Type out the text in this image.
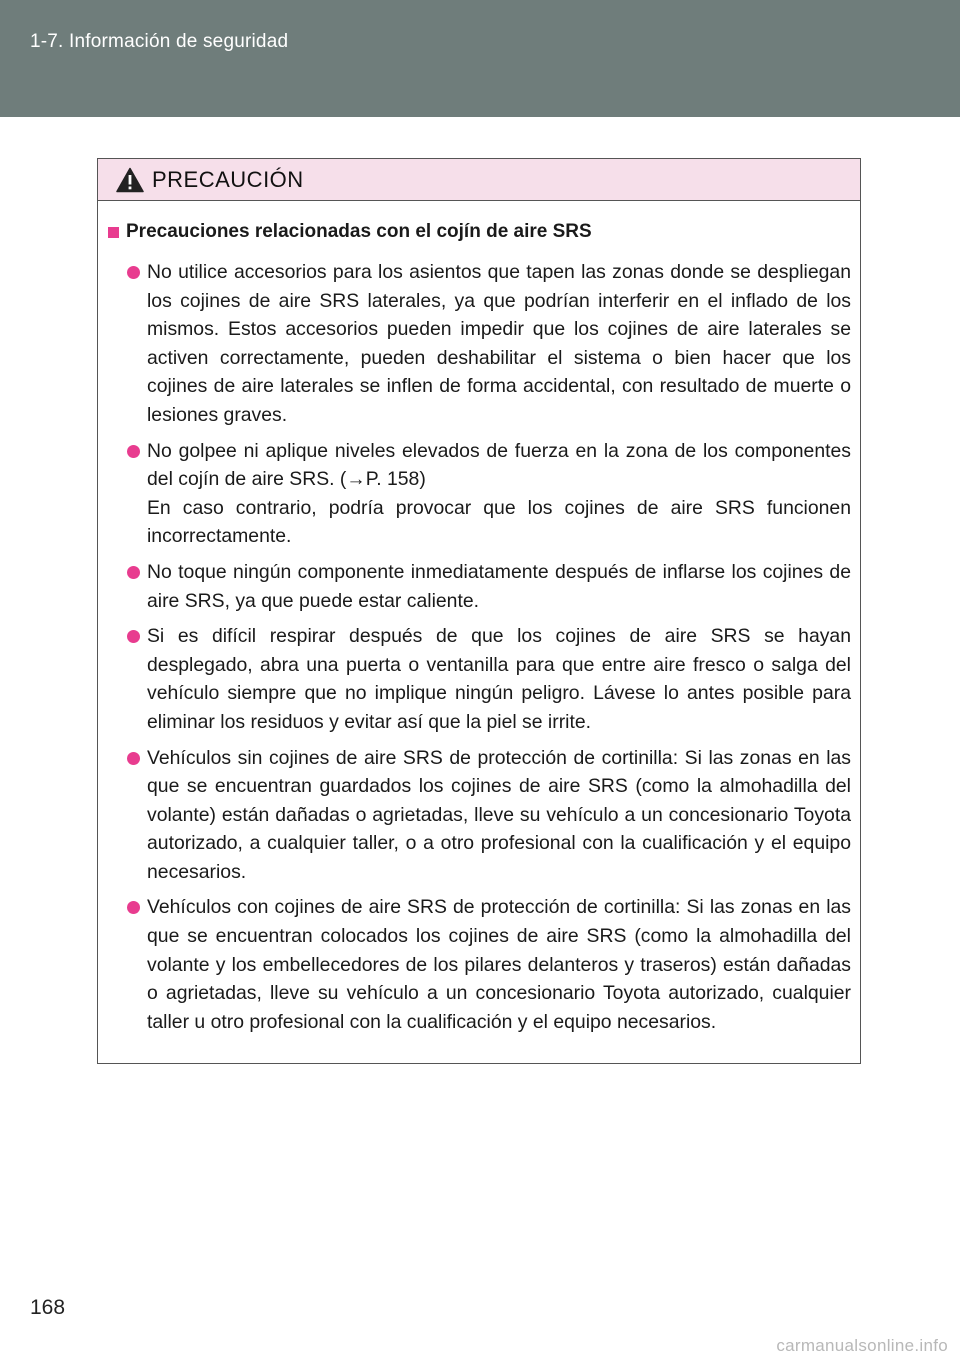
1-7. Información de seguridad
PRECAUCIÓN
Precauciones relacionadas con el cojín de aire SRS
No utilice accesorios para los asientos que tapen las zonas donde se despliegan los cojines de aire SRS laterales, ya que podrían interferir en el inflado de los mismos. Estos accesorios pueden impedir que los cojines de aire laterales se activen correctamente, pueden deshabilitar el sistema o bien hacer que los cojines de aire laterales se inflen de forma accidental, con resultado de muerte o lesiones graves.
No golpee ni aplique niveles elevados de fuerza en la zona de los componentes del cojín de aire SRS. (→P. 158)
En caso contrario, podría provocar que los cojines de aire SRS funcionen incorrectamente.
No toque ningún componente inmediatamente después de inflarse los cojines de aire SRS, ya que puede estar caliente.
Si es difícil respirar después de que los cojines de aire SRS se hayan desplegado, abra una puerta o ventanilla para que entre aire fresco o salga del vehículo siempre que no implique ningún peligro. Lávese lo antes posible para eliminar los residuos y evitar así que la piel se irrite.
Vehículos sin cojines de aire SRS de protección de cortinilla: Si las zonas en las que se encuentran guardados los cojines de aire SRS (como la almohadilla del volante) están dañadas o agrietadas, lleve su vehículo a un concesionario Toyota autorizado, a cualquier taller, o a otro profesional con la cualificación y el equipo necesarios.
Vehículos con cojines de aire SRS de protección de cortinilla: Si las zonas en las que se encuentran colocados los cojines de aire SRS (como la almohadilla del volante y los embellecedores de los pilares delanteros y traseros) están dañadas o agrietadas, lleve su vehículo a un concesionario Toyota autorizado, cualquier taller u otro profesional con la cualificación y el equipo necesarios.
168
carmanualsonline.info
